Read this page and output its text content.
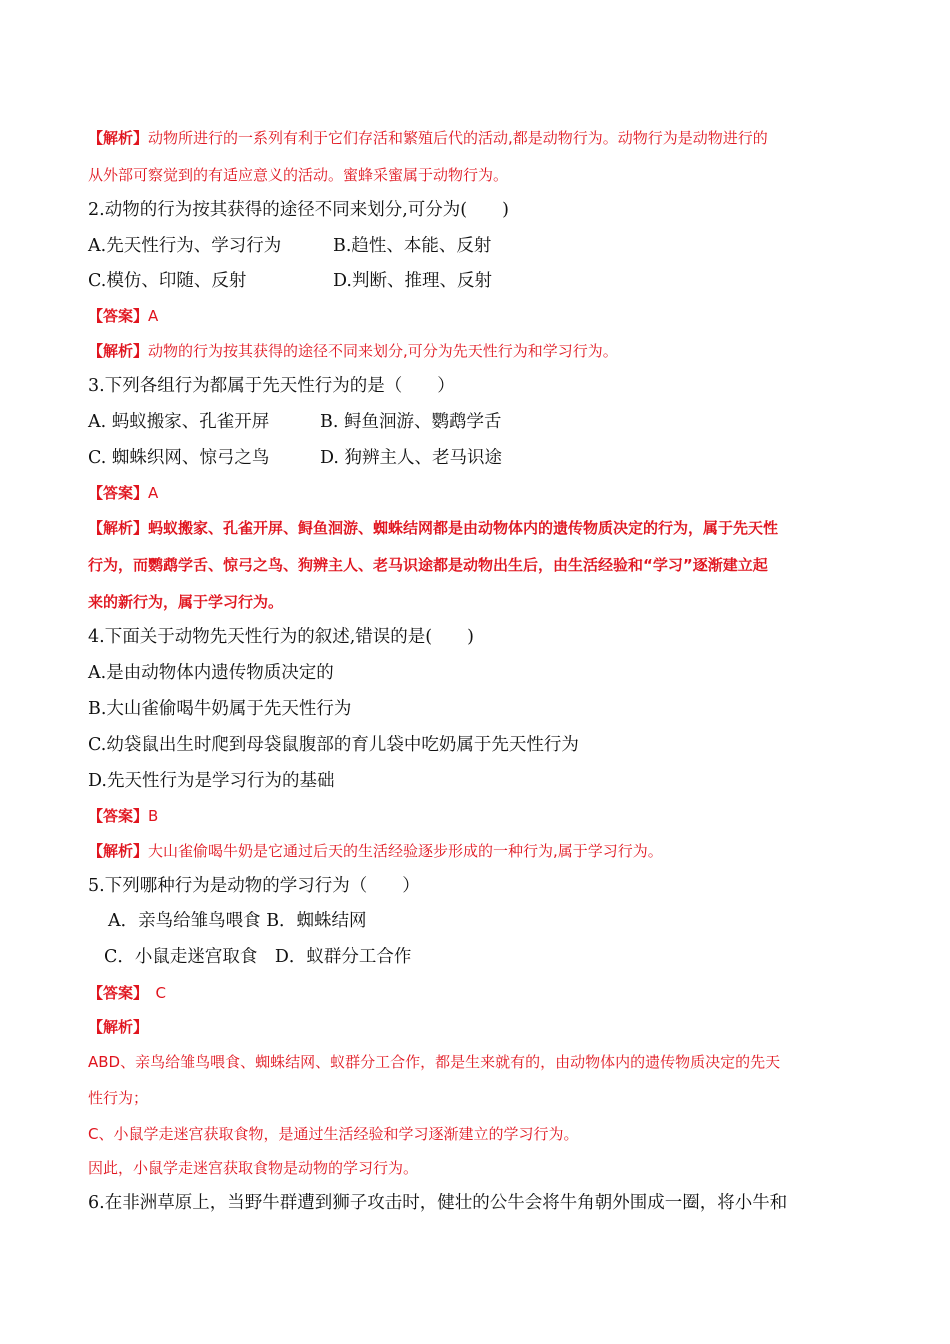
【解析】动物所进行的一系列有利于它们存活和繁殖后代的活动,都是动物行为。动物行为是动物进行的
从外部可察觉到的有适应意义的活动。蜜蜂采蜜属于动物行为。
2.动物的行为按其获得的途径不同来划分,可分为(　　)
A.先天性行为、学习行为	B.趋性、本能、反射
C.模仿、印随、反射	D.判断、推理、反射
【答案】A
【解析】动物的行为按其获得的途径不同来划分,可分为先天性行为和学习行为。
3.下列各组行为都属于先天性行为的是（　　）
A. 蚂蚁搬家、孔雀开屏	B. 鲟鱼洄游、鹦鹉学舌
C. 蜘蛛织网、惊弓之鸟	D. 狗辨主人、老马识途
【答案】A
【解析】蚂蚁搬家、孔雀开屏、鲟鱼洄游、蜘蛛结网都是由动物体内的遗传物质决定的行为，属于先天性
行为，而鹦鹉学舌、惊弓之鸟、狗辨主人、老马识途都是动物出生后，由生活经验和“学习”逐渐建立起
来的新行为，属于学习行为。
4.下面关于动物先天性行为的叙述,错误的是(　　)
A.是由动物体内遗传物质决定的
B.大山雀偷喝牛奶属于先天性行为
C.幼袋鼠出生时爬到母袋鼠腹部的育儿袋中吃奶属于先天性行为
D.先天性行为是学习行为的基础
【答案】B
【解析】大山雀偷喝牛奶是它通过后天的生活经验逐步形成的一种行为,属于学习行为。
5.下列哪种行为是动物的学习行为（　　）
A．亲鸟给雏鸟喂食 B．蜘蛛结网
C．小鼠走迷宫取食　D．蚁群分工合作
【答案】　C
【解析】
ABD、亲鸟给雏鸟喂食、蜘蛛结网、蚁群分工合作，都是生来就有的，由动物体内的遗传物质决定的先天
性行为；
C、小鼠学走迷宫获取食物，是通过生活经验和学习逐渐建立的学习行为。
因此，小鼠学走迷宫获取食物是动物的学习行为。
6.在非洲草原上，当野牛群遭到狮子攻击时，健壮的公牛会将牛角朝外围成一圈，将小牛和
